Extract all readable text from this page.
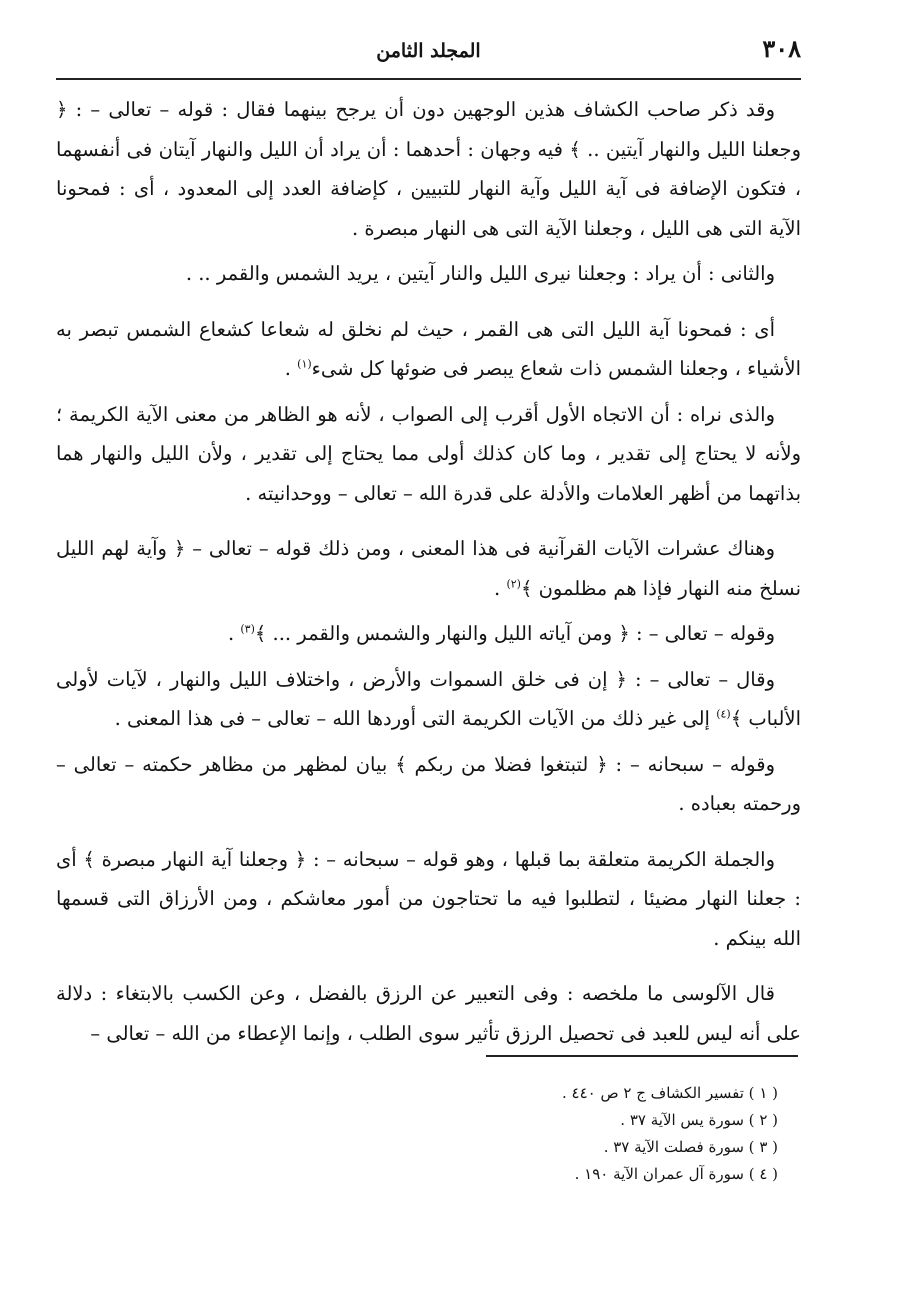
٣٠٨
المجلد الثامن

وقد ذكر صاحب الكشاف هذين الوجهين دون أن يرجح بينهما فقال : قوله – تعالى – : ﴿ وجعلنا الليل والنهار آيتين .. ﴾ فيه وجهان : أحدهما : أن يراد أن الليل والنهار آيتان فى أنفسهما ، فتكون الإضافة فى آية الليل وآية النهار للتبيين ، كإضافة العدد إلى المعدود ، أى : فمحونا الآية التى هى الليل ، وجعلنا الآية التى هى النهار مبصرة .

والثانى : أن يراد : وجعلنا نيرى الليل والنار آيتين ، يريد الشمس والقمر .. .

أى : فمحونا آية الليل التى هى القمر ، حيث لم نخلق له شعاعا كشعاع الشمس تبصر به الأشياء ، وجعلنا الشمس ذات شعاع يبصر فى ضوئها كل شىء$^{(١)}$ .

والذى نراه : أن الاتجاه الأول أقرب إلى الصواب ، لأنه هو الظاهر من معنى الآية الكريمة ؛ ولأنه لا يحتاج إلى تقدير ، وما كان كذلك أولى مما يحتاج إلى تقدير ، ولأن الليل والنهار هما بذاتهما من أظهر العلامات والأدلة على قدرة الله – تعالى – ووحدانيته .

وهناك عشرات الآيات القرآنية فى هذا المعنى ، ومن ذلك قوله – تعالى – ﴿ وآية لهم الليل نسلخ منه النهار فإذا هم مظلمون ﴾$^{(٢)}$ .

وقوله – تعالى – : ﴿ ومن آياته الليل والنهار والشمس والقمر ... ﴾$^{(٣)}$ .

وقال – تعالى – : ﴿ إن فى خلق السموات والأرض ، واختلاف الليل والنهار ، لآيات لأولى الألباب ﴾$^{(٤)}$ إلى غير ذلك من الآيات الكريمة التى أوردها الله – تعالى – فى هذا المعنى .

وقوله – سبحانه – : ﴿ لتبتغوا فضلا من ربكم ﴾ بيان لمظهر من مظاهر حكمته – تعالى – ورحمته بعباده .

والجملة الكريمة متعلقة بما قبلها ، وهو قوله – سبحانه – : ﴿ وجعلنا آية النهار مبصرة ﴾ أى : جعلنا النهار مضيئا ، لتطلبوا فيه ما تحتاجون من أمور معاشكم ، ومن الأرزاق التى قسمها الله بينكم .

قال الآلوسى ما ملخصه : وفى التعبير عن الرزق بالفضل ، وعن الكسب بالابتغاء : دلالة على أنه ليس للعبد فى تحصيل الرزق تأثير سوى الطلب ، وإنما الإعطاء من الله – تعالى –

( ١ ) تفسير الكشاف ج ٢ ص ٤٤٠ .

( ٢ ) سورة يس الآية ٣٧ .

( ٣ ) سورة فصلت الآية ٣٧ .

( ٤ ) سورة آل عمران الآية ١٩٠ .
